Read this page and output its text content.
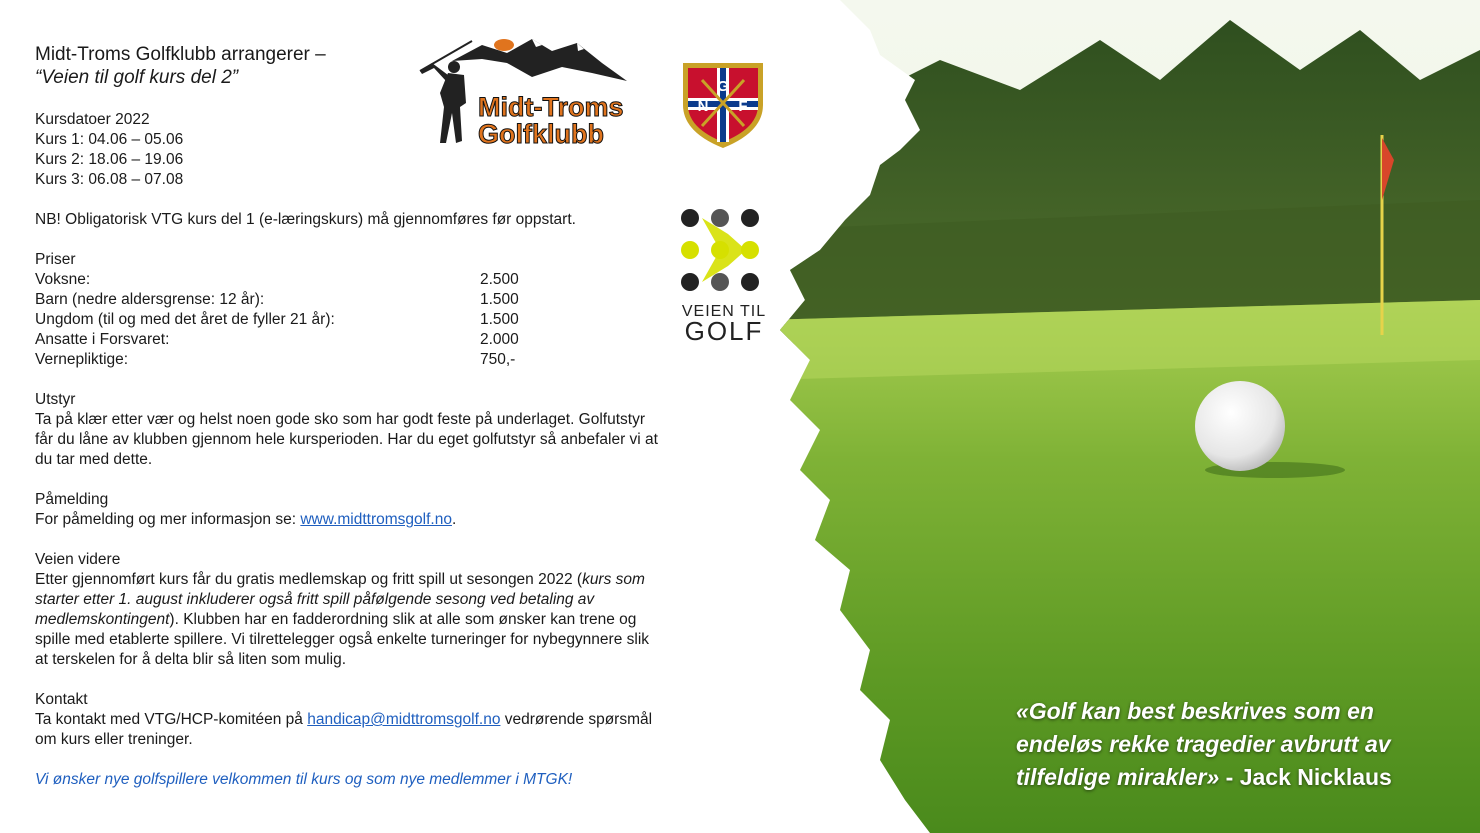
Midt-Troms Golfklubb arrangerer –

“Veien til golf kurs del 2”

Kursdatoer 2022

Kurs 1: 04.06 – 05.06

Kurs 2: 18.06 – 19.06

Kurs 3: 06.08 – 07.08

NB! Obligatorisk VTG kurs del 1 (e-læringskurs) må gjennomføres før oppstart.

Priser

Voksne:	2.500
Barn (nedre aldersgrense: 12 år):	1.500
Ungdom (til og med det året de fyller 21 år):	1.500
Ansatte i Forsvaret:	2.000
Vernepliktige:	750,-

Utstyr

Ta på klær etter vær og helst noen gode sko som har godt feste på underlaget. Golfutstyr

får du låne av klubben gjennom hele kursperioden. Har du eget golfutstyr så anbefaler vi at

du tar med dette.

Påmelding

For påmelding og mer informasjon se: www.midttromsgolf.no.

Veien videre

Etter gjennomført kurs får du gratis medlemskap og fritt spill ut sesongen 2022 (kurs som

starter etter 1. august inkluderer også fritt spill påfølgende sesong ved betaling av

medlemskontingent). Klubben har en fadderordning slik at alle som ønsker kan trene og

spille med etablerte spillere. Vi tilrettelegger også enkelte turneringer for nybegynnere slik

at terskelen for å delta blir så liten som mulig.

Kontakt

Ta kontakt med VTG/HCP-komitéen på handicap@midttromsgolf.no vedrørende spørsmål

om kurs eller treninger.

Vi ønsker nye golfspillere velkommen til kurs og som nye medlemmer i MTGK!

Midt-Troms
Golfklubb
G
N F
VEIEN TIL
GOLF
«Golf kan best beskrives som en
endeløs rekke tragedier avbrutt av
tilfeldige mirakler» - Jack Nicklaus
